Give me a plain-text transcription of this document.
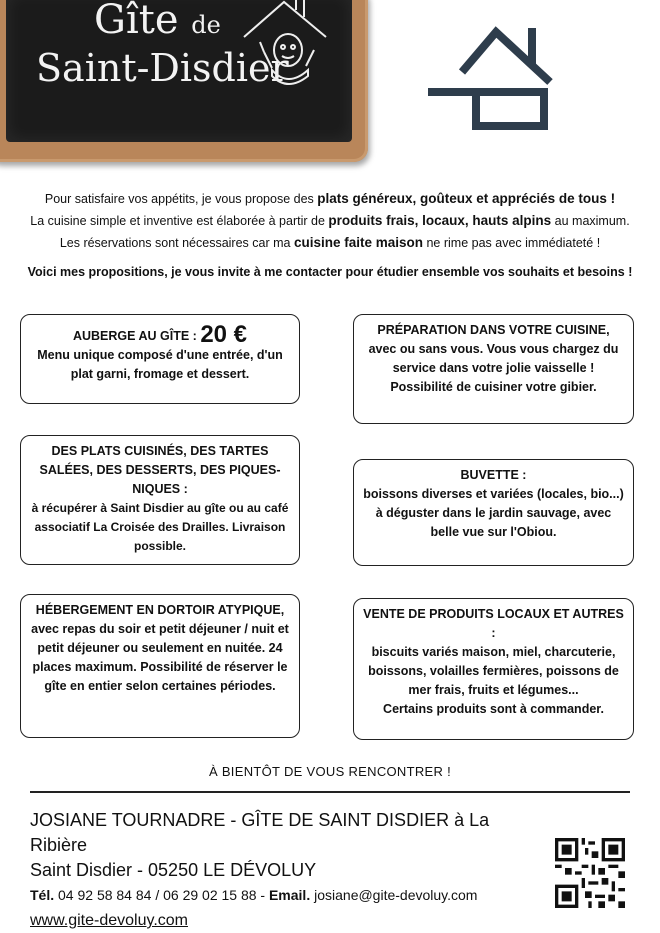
Gîte de
Saint-Disdier
Pour satisfaire vos appétits, je vous propose des plats généreux, goûteux et appréciés de tous !
La cuisine simple et inventive est élaborée à partir de produits frais, locaux, hauts alpins au maximum.
Les réservations sont nécessaires car ma cuisine faite maison ne rime pas avec immédiateté !
Voici mes propositions, je vous invite à me contacter pour étudier ensemble vos souhaits et besoins !
AUBERGE AU GÎTE : 20 €
Menu unique composé d'une entrée, d'un plat garni, fromage et dessert.
PRÉPARATION DANS VOTRE CUISINE, avec ou sans vous. Vous vous chargez du service dans votre jolie vaisselle ! Possibilité de cuisiner votre gibier.
DES PLATS CUISINÉS, DES TARTES SALÉES, DES DESSERTS, DES PIQUES-NIQUES :
à récupérer à Saint Disdier au gîte ou au café associatif La Croisée des Drailles. Livraison possible.
BUVETTE :
boissons diverses et variées (locales, bio...) à déguster dans le jardin sauvage, avec belle vue sur l'Obiou.
HÉBERGEMENT EN DORTOIR ATYPIQUE, avec repas du soir et petit déjeuner / nuit et petit déjeuner ou seulement en nuitée. 24 places maximum. Possibilité de réserver le gîte en entier selon certaines périodes.
VENTE DE PRODUITS LOCAUX ET AUTRES :
biscuits variés maison, miel, charcuterie, boissons, volailles fermières, poissons de mer frais, fruits et légumes...
Certains produits sont à commander.
À BIENTÔT DE VOUS RENCONTRER !
JOSIANE TOURNADRE - GÎTE DE SAINT DISDIER à La Ribière
Saint Disdier - 05250 LE DÉVOLUY
Tél. 04 92 58 84 84 / 06 29 02 15 88 - Email. josiane@gite-devoluy.com
www.gite-devoluy.com
